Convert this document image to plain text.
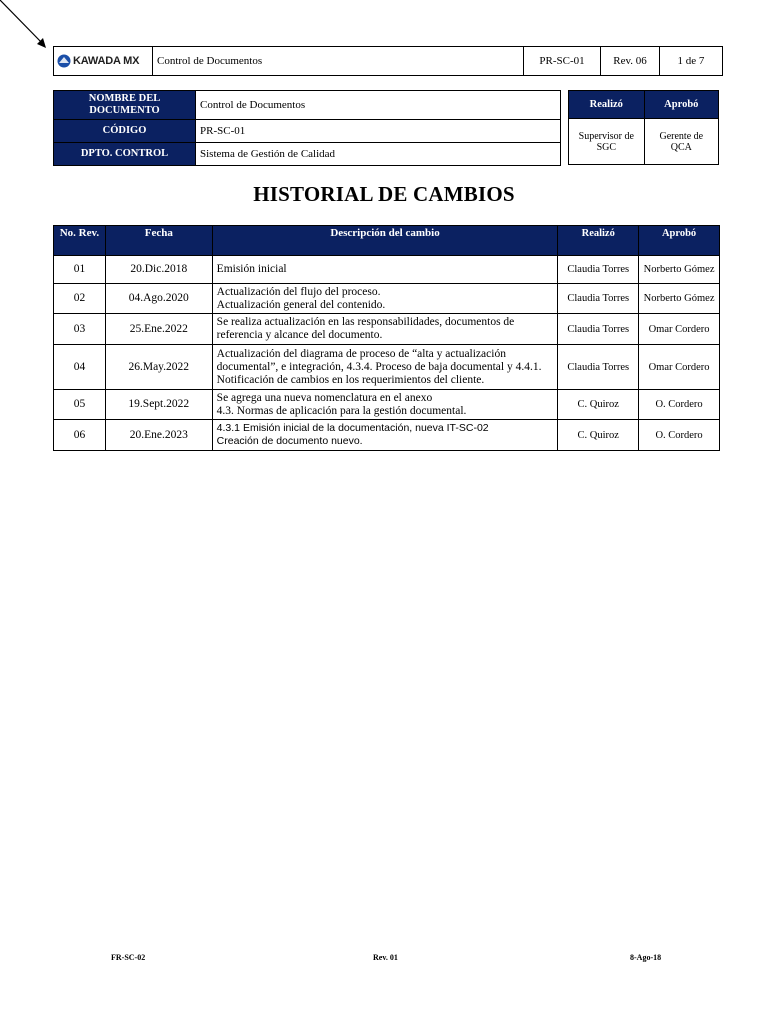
KAWADA MX	Control de Documentos	PR-SC-01	Rev. 06	1 de 7
NOMBRE DEL DOCUMENTO	Control de Documentos
CÓDIGO	PR-SC-01
DPTO. CONTROL	Sistema de Gestión de Calidad
Realizó	Aprobó
Supervisor de SGC	Gerente de QCA
HISTORIAL DE CAMBIOS
No. Rev.	Fecha	Descripción del cambio	Realizó	Aprobó
01	20.Dic.2018	Emisión inicial	Claudia Torres	Norberto Gómez
02	04.Ago.2020	Actualización del flujo del proceso.
Actualización general del contenido.	Claudia Torres	Norberto Gómez
03	25.Ene.2022	Se realiza actualización en las responsabilidades, documentos de referencia y alcance del documento.	Claudia Torres	Omar Cordero
04	26.May.2022	Actualización del diagrama de proceso de “alta y actualización documental”, e integración, 4.3.4. Proceso de baja documental y 4.4.1. Notificación de cambios en los requerimientos del cliente.	Claudia Torres	Omar Cordero
05	19.Sept.2022	Se agrega una nueva nomenclatura en el anexo
4.3. Normas de aplicación para la gestión documental.	C. Quiroz	O. Cordero
06	20.Ene.2023	4.3.1 Emisión inicial de la documentación, nueva IT-SC-02
Creación de documento nuevo.	C. Quiroz	O. Cordero
FR-SC-02	Rev. 01	8-Ago-18
